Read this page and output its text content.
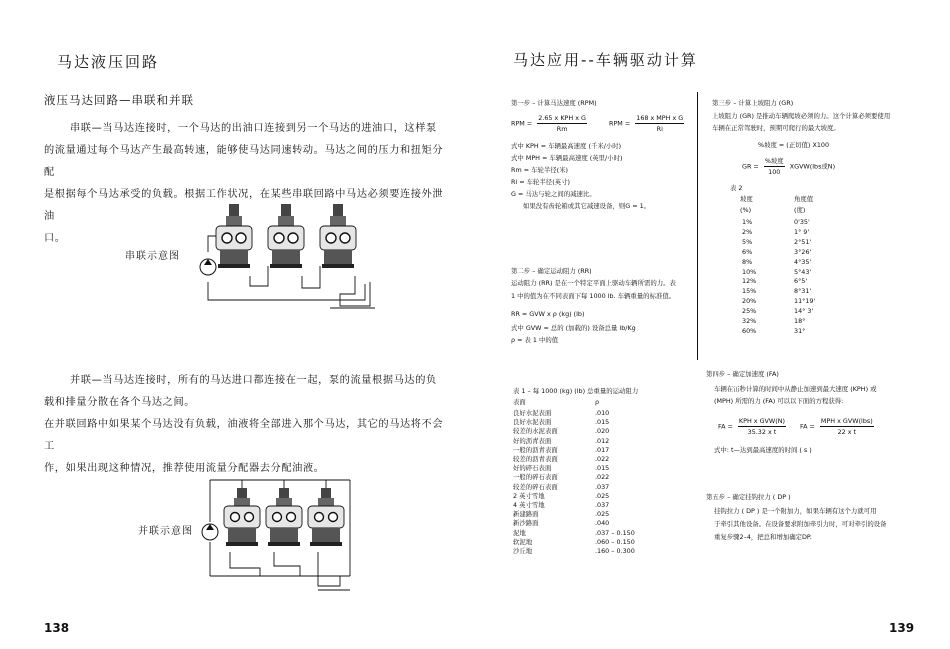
马达液压回路
液压马达回路—串联和并联
串联—当马达连接时，一个马达的出油口连接到另一个马达的进油口，这样泵
的流量通过每个马达产生最高转速，能够使马达同速转动。马达之间的压力和扭矩分配
是根据每个马达承受的负载。根据工作状况，在某些串联回路中马达必须要连接外泄油
口。
串联示意图
并联—当马达连接时，所有的马达进口都连接在一起，泵的流量根据马达的负
载和排量分散在各个马达之间。
在并联回路中如果某个马达没有负载，油液将全部进入那个马达，其它的马达将不会工
作，如果出现这种情况，推荐使用流量分配器去分配油液。
并联示意图
138
马达应用--车辆驱动计算
第一步 – 计算马达速度 (RPM)
RPM = $\frac{\text{2.65 x KPH x G}}{Rm}$	RPM = $\frac{\text{168 x MPH x G}}{Ri}$
式中 KPH = 车辆最高速度 (千米/小时)
式中 MPH = 车辆最高速度 (英里/小时)
Rm = 车轮半径(米)
Ri = 车轮半径(英寸)
G = 马达与轮之间的减速比。
如果没有齿轮箱或其它减速设备，则G = 1。
第二步 – 确定运动阻力 (RR)
运动阻力 (RR) 是在一个特定平面上驱动车辆所需的力。表
1 中的值为在不同表面下每 1000 lb. 车辆重量的标准值。
RR = GVW x ρ (kg) (lb)
式中 GVW = 总的 (加载的) 设备总量 lb/Kg
ρ = 表 1 中的值
表 1 – 每 1000 (kg) (lb) 总重量的运动阻力
表面	ρ
良好水泥表面	.010
良好水泥表面	.015
较差的水泥表面	.020
好的沥青表面	.012
一般的沥青表面	.017
较差的沥青表面	.022
好的碎石表面	.015
一般的碎石表面	.022
较差的碎石表面	.037
2 英寸雪地	.025
4 英寸雪地	.037
新建路面	.025
新沙路面	.040
泥地	.037 – 0.150
软泥地	.060 – 0.150
沙丘地	.160 – 0.300
第三步 – 计算上坡阻力 (GR)
上坡阻力 (GR) 是推动车辆爬坡必须的力。这个计算必须要使用
车辆在正常驾驶时，预期可爬行的最大坡度。
%坡度 = (正切值) X100
GR = $\frac{\text{\%坡度}}{100}$ XGVW(lbs或N)
表 2
坡度	角度值
(%)	(度)
1%	0'35'
2%	1° 9'
5%	2°51'
6%	3°26'
8%	4°35'
10%	5°43'
12%	6°5'
15%	8°31'
20%	11°19'
25%	14° 3'
32%	18°
60%	31°
第四步 – 确定加速度 (FA)
车辆在冚秒计算的时间中从静止加速到最大速度 (KPH) 或
(MPH) 所需的力 (FA) 可以以下面的方程获得:
FA = $\frac{\text{KPH x GVW(N)}}{\text{35.32 x t}}$ FA = $\frac{\text{MPH x GVW(lbs)}}{\text{22 x t}}$
式中: t—达到最高速度的时间 ( s )
第五步 – 确定挂钩拉力 ( DP )
挂钩拉力 ( DP ) 是一个附加力，如果车辆有这个力就可用
于牵引其他设备。在设备要求附加牵引力时，可对牵引的设备
重复步骤2–4，把总和增加确定DP.
139
